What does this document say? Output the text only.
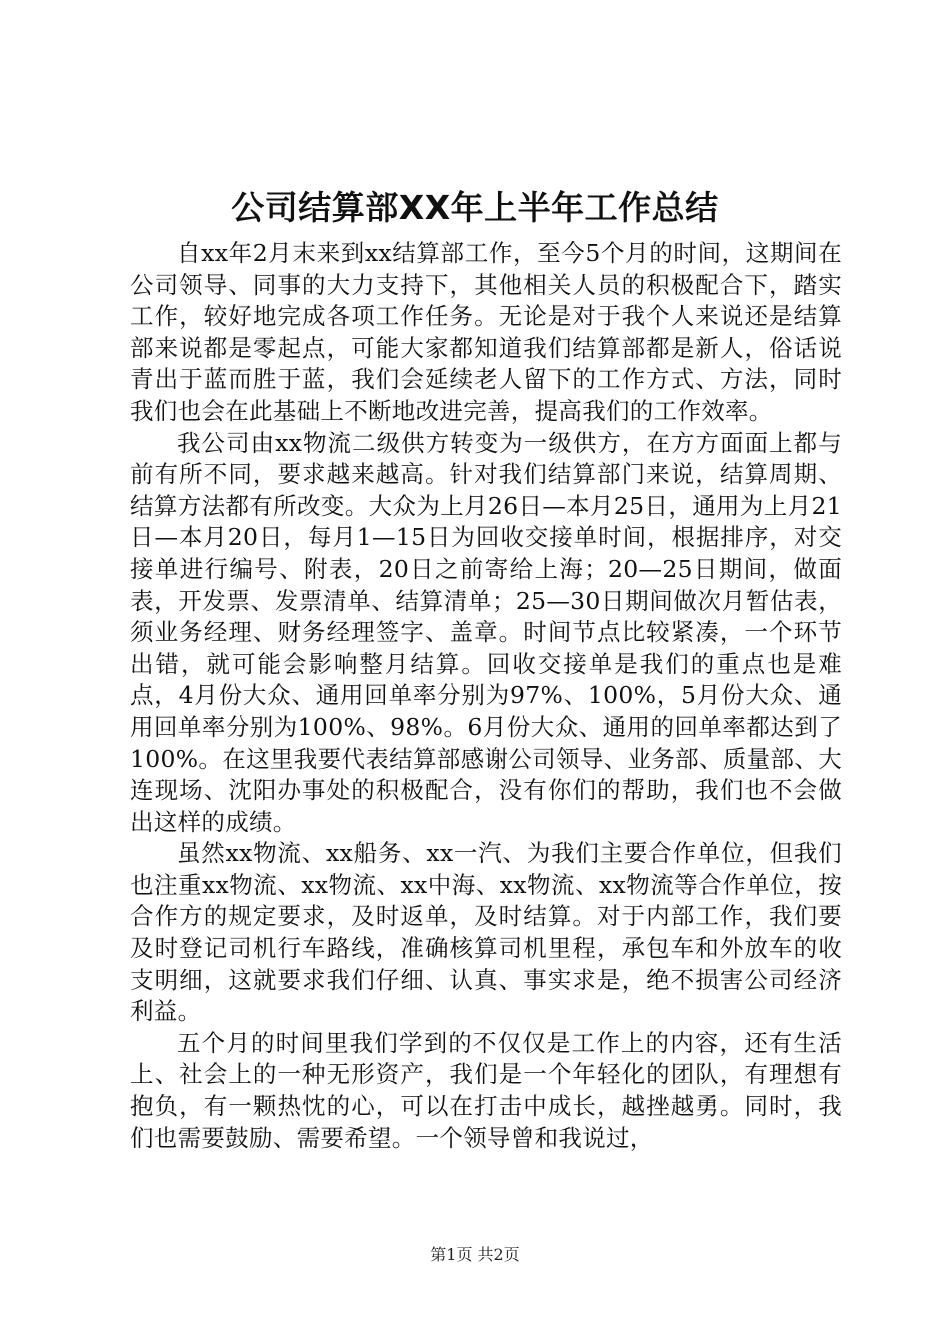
公司结算部XX年上半年工作总结

自xx年2月末来到xx结算部工作，至今5个月的时间，这期间在公司领导、同事的大力支持下，其他相关人员的积极配合下，踏实工作，较好地完成各项工作任务。无论是对于我个人来说还是结算部来说都是零起点，可能大家都知道我们结算部都是新人，俗话说青出于蓝而胜于蓝，我们会延续老人留下的工作方式、方法，同时我们也会在此基础上不断地改进完善，提高我们的工作效率。

我公司由xx物流二级供方转变为一级供方，在方方面面上都与前有所不同，要求越来越高。针对我们结算部门来说，结算周期、结算方法都有所改变。大众为上月26日—本月25日，通用为上月21日—本月20日，每月1—15日为回收交接单时间，根据排序，对交接单进行编号、附表，20日之前寄给上海；20—25日期间，做面表，开发票、发票清单、结算清单；25—30日期间做次月暂估表，须业务经理、财务经理签字、盖章。时间节点比较紧凑，一个环节出错，就可能会影响整月结算。回收交接单是我们的重点也是难点，4月份大众、通用回单率分别为97%、100%，5月份大众、通用回单率分别为100%、98%。6月份大众、通用的回单率都达到了100%。在这里我要代表结算部感谢公司领导、业务部、质量部、大连现场、沈阳办事处的积极配合，没有你们的帮助，我们也不会做出这样的成绩。

虽然xx物流、xx船务、xx一汽、为我们主要合作单位，但我们也注重xx物流、xx物流、xx中海、xx物流、xx物流等合作单位，按合作方的规定要求，及时返单，及时结算。对于内部工作，我们要及时登记司机行车路线，准确核算司机里程，承包车和外放车的收支明细，这就要求我们仔细、认真、事实求是，绝不损害公司经济利益。

五个月的时间里我们学到的不仅仅是工作上的内容，还有生活上、社会上的一种无形资产，我们是一个年轻化的团队，有理想有抱负，有一颗热忱的心，可以在打击中成长，越挫越勇。同时，我们也需要鼓励、需要希望。一个领导曾和我说过，

第1页 共2页
